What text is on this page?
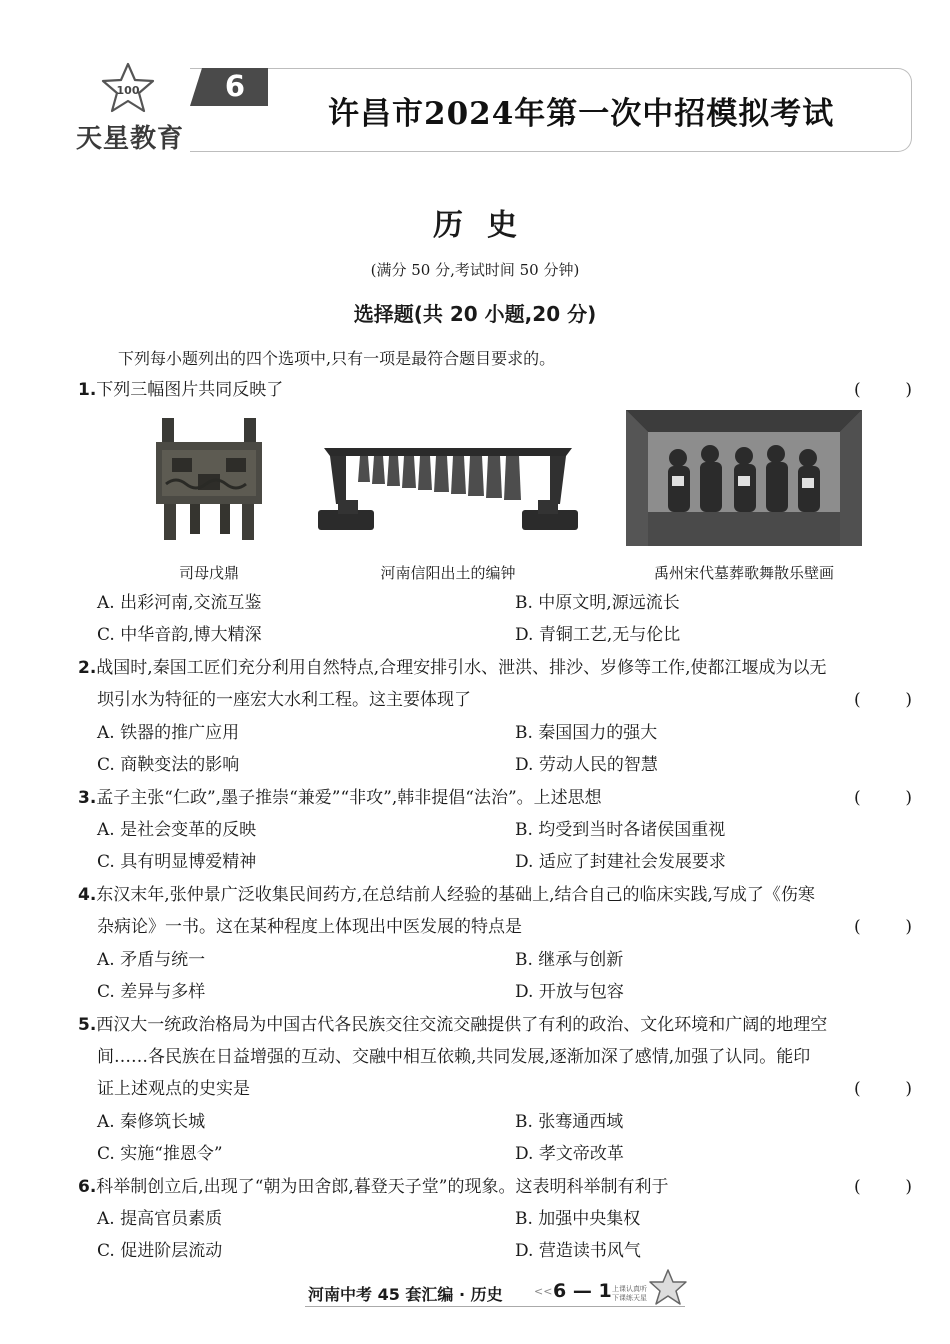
100
天星教育
6
许昌市2024年第一次中招模拟考试
历史
(满分 50 分,考试时间 50 分钟)
选择题(共 20 小题,20 分)
下列每小题列出的四个选项中,只有一项是最符合题目要求的。
1.下列三幅图片共同反映了	(	)
司母戊鼎	河南信阳出土的编钟	禹州宋代墓葬歌舞散乐壁画
A. 出彩河南,交流互鉴	B. 中原文明,源远流长
C. 中华音韵,博大精深	D. 青铜工艺,无与伦比
2.战国时,秦国工匠们充分利用自然特点,合理安排引水、泄洪、排沙、岁修等工作,使都江堰成为以无
坝引水为特征的一座宏大水利工程。这主要体现了	(	)
A. 铁器的推广应用	B. 秦国国力的强大
C. 商鞅变法的影响	D. 劳动人民的智慧
3.孟子主张“仁政”,墨子推崇“兼爱”“非攻”,韩非提倡“法治”。上述思想	(	)
A. 是社会变革的反映	B. 均受到当时各诸侯国重视
C. 具有明显博爱精神	D. 适应了封建社会发展要求
4.东汉末年,张仲景广泛收集民间药方,在总结前人经验的基础上,结合自己的临床实践,写成了《伤寒
杂病论》一书。这在某种程度上体现出中医发展的特点是	(	)
A. 矛盾与统一	B. 继承与创新
C. 差异与多样	D. 开放与包容
5.西汉大一统政治格局为中国古代各民族交往交流交融提供了有利的政治、文化环境和广阔的地理空
间……各民族在日益增强的互动、交融中相互依赖,共同发展,逐渐加深了感情,加强了认同。能印
证上述观点的史实是	(	)
A. 秦修筑长城	B. 张骞通西域
C. 实施“推恩令”	D. 孝文帝改革
6.科举制创立后,出现了“朝为田舍郎,暮登天子堂”的现象。这表明科举制有利于	(	)
A. 提高官员素质	B. 加强中央集权
C. 促进阶层流动	D. 营造读书风气
河南中考 45 套汇编 · 历史	<< 6 — 1 上课认真听
下课练天星
